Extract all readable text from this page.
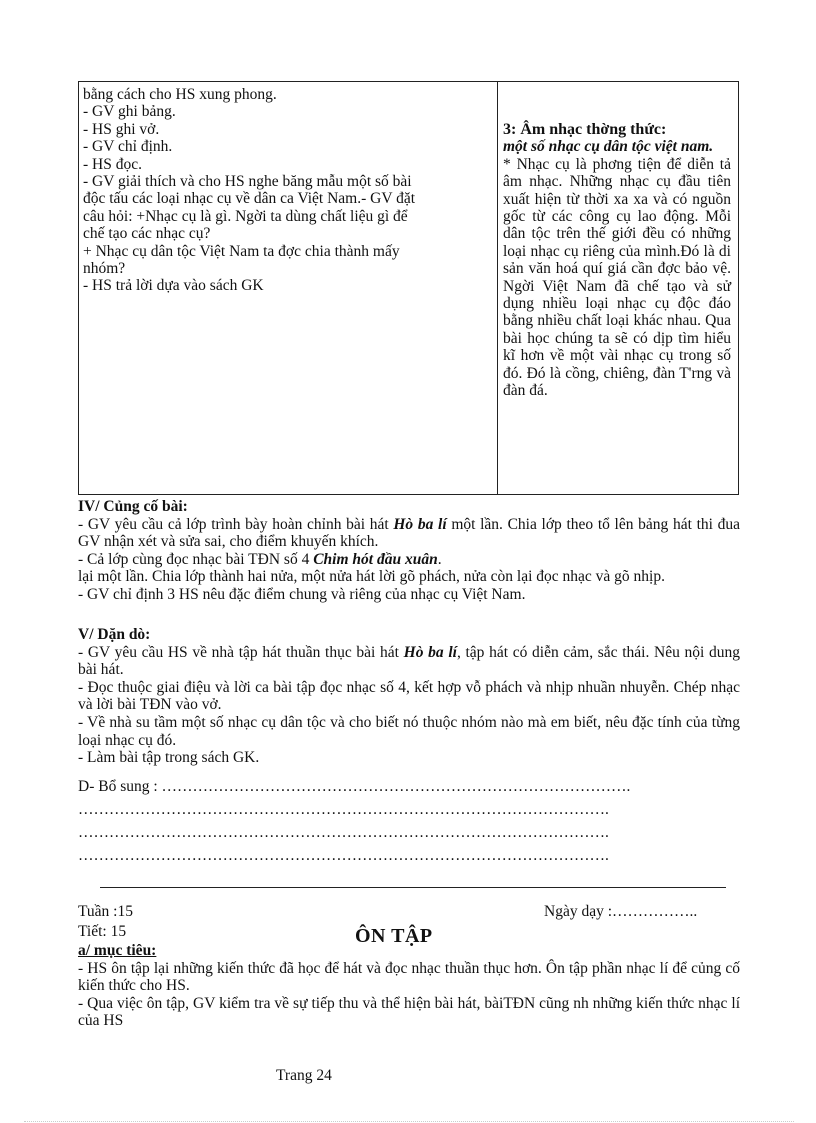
bằng cách cho HS xung phong.
- GV ghi bảng.
- HS ghi vở.
- GV chỉ định.
- HS đọc.
- GV giải thích và cho HS nghe băng mẫu một số bài
độc tấu các loại nhạc cụ về dân ca Việt Nam.- GV đặt
câu hỏi: +Nhạc cụ là gì. Ngời ta dùng chất liệu gì để
chế tạo các nhạc cụ?
+ Nhạc cụ dân tộc Việt Nam ta đợc chia thành mấy
nhóm?
- HS trả lời dựa vào sách GK
3: Âm nhạc thờng thức:
một số nhạc cụ dân tộc việt nam.
* Nhạc cụ là phơng tiện để diễn tả âm nhạc. Những nhạc cụ đầu tiên xuất hiện từ thời xa xa và có nguồn gốc từ các công cụ lao động. Mỗi dân tộc trên thế giới đều có những loại nhạc cụ riêng của mình.Đó là di sản văn hoá quí giá cần đợc bảo vệ. Ngời Việt Nam đã chế tạo và sử dụng nhiều loại nhạc cụ độc đáo bằng nhiều chất loại khác nhau. Qua bài học chúng ta sẽ có dịp tìm hiểu kĩ hơn về một vài nhạc cụ trong số đó. Đó là cồng, chiêng, đàn T'rng và đàn đá.
IV/ Củng cố bài:
- GV yêu cầu cả lớp trình bày hoàn chỉnh bài hát Hò ba lí một lần. Chia lớp theo tổ lên bảng hát thi đua GV nhận xét và sửa sai, cho điểm khuyến khích.
- Cả lớp cùng đọc nhạc bài TĐN số 4 Chim hót đầu xuân.
lại một lần. Chia lớp thành hai nửa, một nửa hát lời gõ phách, nửa còn lại đọc nhạc và gõ nhịp.
- GV chỉ định 3 HS nêu đặc điểm chung và riêng của nhạc cụ Việt Nam.
V/ Dặn dò:
- GV yêu cầu HS về nhà tập hát thuần thục bài hát Hò ba lí, tập hát có diễn cảm, sắc thái. Nêu nội dung bài hát.
- Đọc thuộc giai điệu và lời ca bài tập đọc nhạc số 4, kết hợp vỗ phách và nhịp nhuần nhuyễn. Chép nhạc và lời bài TĐN vào vở.
- Về nhà su tầm một số nhạc cụ dân tộc và cho biết nó thuộc nhóm nào mà em biết, nêu đặc tính của từng loại nhạc cụ đó.
- Làm bài tập trong sách GK.
D- Bổ sung : ……………………………………………………………………………….
………………………………………………………………………………………….
………………………………………………………………………………………….
………………………………………………………………………………………….
Tuần :15	Ngày dạy :……………..
Tiết: 15	ÔN TẬP
a/ mục tiêu:
- HS ôn tập lại những kiến thức đã học để hát và đọc nhạc thuần thục hơn. Ôn tập phần nhạc lí để củng cố kiến thức cho HS.
- Qua việc ôn tập, GV kiểm tra về sự tiếp thu và thể hiện bài hát, bàiTĐN cũng nh những kiến thức nhạc lí của HS
Trang 24
